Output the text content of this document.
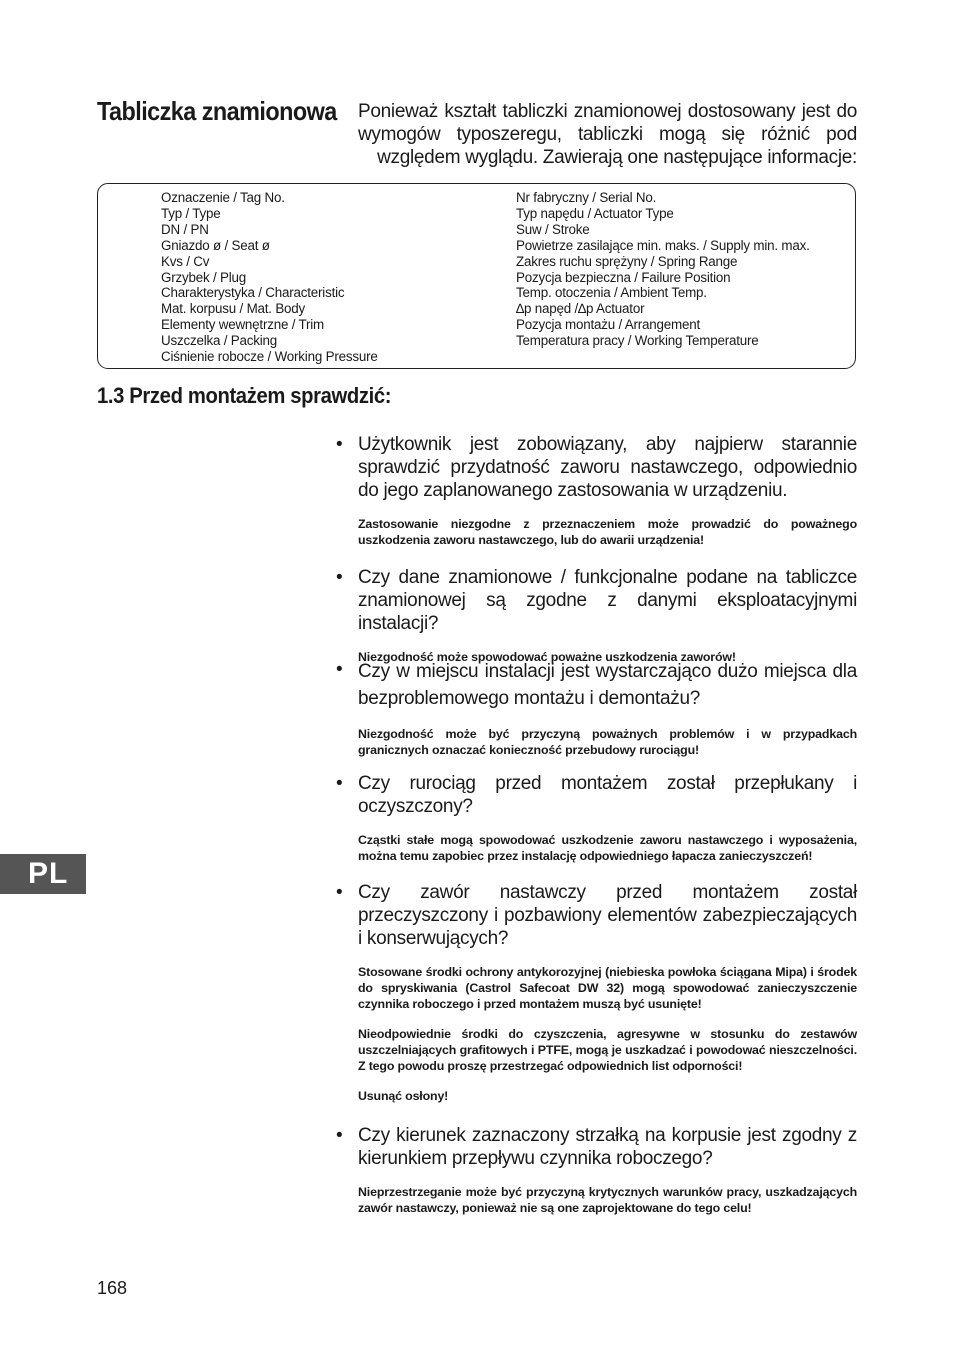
Tabliczka znamionowa Ponieważ kształt tabliczki znamionowej dostosowany jest do wymogów typoszeregu, tabliczki mogą się różnić pod względem wyglądu. Zawierają one następujące informacje:
Oznaczenie / Tag No.
Typ / Type
DN / PN
Gniazdo ø / Seat ø
Kvs / Cv
Grzybek / Plug
Charakterystyka / Characteristic
Mat. korpusu / Mat. Body
Elementy wewnętrzne / Trim
Uszczelka / Packing
Ciśnienie robocze / Working Pressure
Nr fabryczny / Serial No.
Typ napędu / Actuator Type
Suw / Stroke
Powietrze zasilające min. maks. / Supply min. max.
Zakres ruchu sprężyny / Spring Range
Pozycja bezpieczna / Failure Position
Temp. otoczenia / Ambient Temp.
∆p napęd /∆p Actuator
Pozycja montażu / Arrangement
Temperatura pracy / Working Temperature
1.3 Przed montażem sprawdzić:
• Użytkownik jest zobowiązany, aby najpierw starannie sprawdzić przydatność zaworu nastawczego, odpowiednio do jego zaplanowanego zastosowania w urządzeniu.
Zastosowanie niezgodne z przeznaczeniem może prowadzić do poważnego uszkodzenia zaworu nastawczego, lub do awarii urządzenia!
• Czy dane znamionowe / funkcjonalne podane na tabliczce znamionowej są zgodne z danymi eksploatacyjnymi instalacji?
Niezgodność może spowodować poważne uszkodzenia zaworów!
• Czy w miejscu instalacji jest wystarczająco dużo miejsca dla bezproblemowego montażu i demontażu?
Niezgodność może być przyczyną poważnych problemów i w przypadkach granicznych oznaczać konieczność przebudowy rurociągu!
• Czy rurociąg przed montażem został przepłukany i oczyszczony?
Cząstki stałe mogą spowodować uszkodzenie zaworu nastawczego i wyposażenia, można temu zapobiec przez instalację odpowiedniego łapacza zanieczyszczeń!
• Czy zawór nastawczy przed montażem został przeczyszczony i pozbawiony elementów zabezpieczających i konserwujących?
Stosowane środki ochrony antykorozyjnej (niebieska powłoka ściągana Mipa) i środek do spryskiwania (Castrol Safecoat DW 32) mogą spowodować zanieczyszczenie czynnika roboczego i przed montażem muszą być usunięte!
Nieodpowiednie środki do czyszczenia, agresywne w stosunku do zestawów uszczelniających grafitowych i PTFE, mogą je uszkadzać i powodować nieszczelności. Z tego powodu proszę przestrzegać odpowiednich list odporności!
Usunąć osłony!
• Czy kierunek zaznaczony strzałką na korpusie jest zgodny z kierunkiem przepływu czynnika roboczego?
Nieprzestrzeganie może być przyczyną krytycznych warunków pracy, uszkadzających zawór nastawczy, ponieważ nie są one zaprojektowane do tego celu!
PL
168
